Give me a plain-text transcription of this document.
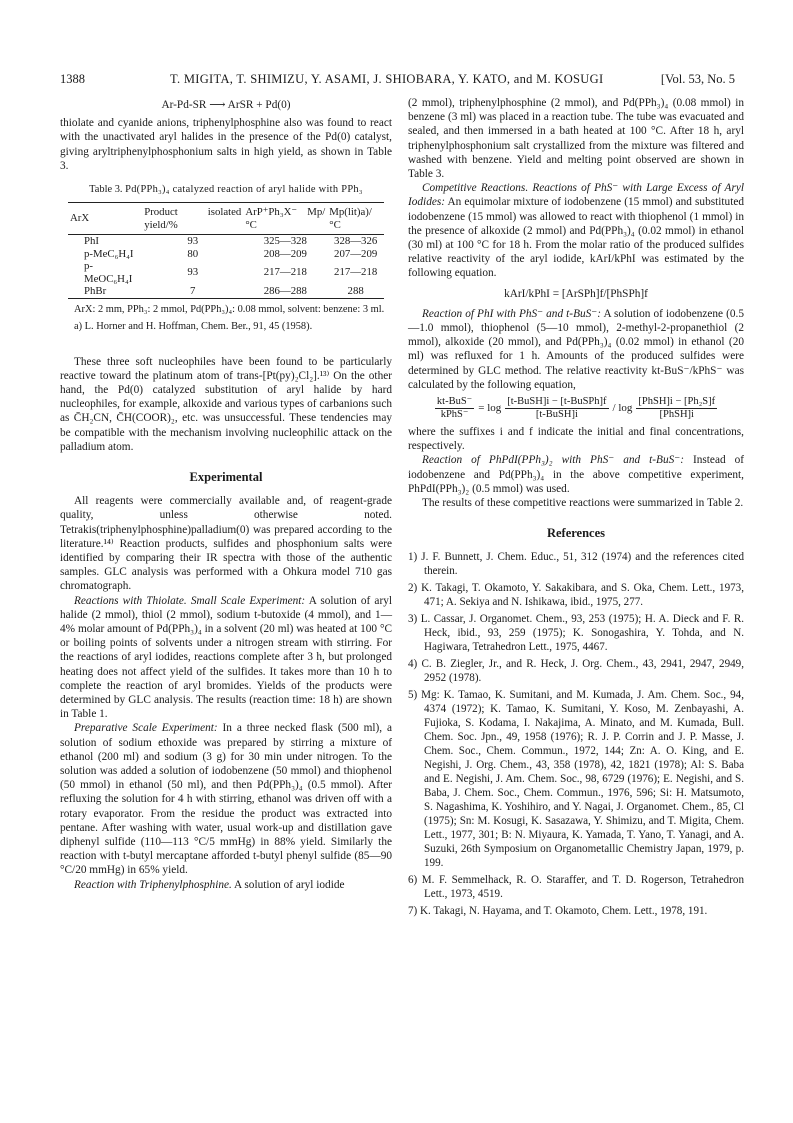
1388	T. MIGITA, T. SHIMIZU, Y. ASAMI, J. SHIOBARA, Y. KATO, and M. KOSUGI	[Vol. 53, No. 5

Ar-Pd-SR ⟶ ArSR + Pd(0)

thiolate and cyanide anions, triphenylphosphine also was found to react with the unactivated aryl halides in the presence of the Pd(0) catalyst, giving aryltriphenylphosphonium salts in high yield, as shown in Table 3.

Table 3. Pd(PPh₃)₄ catalyzed reaction of aryl halide with PPh₃
ArX	Product isolated yield/%	ArP⁺Ph₃X⁻ Mp/°C	Mp(lit)a)/°C
PhI	93	325—328	328—326
p-MeC₆H₄I	80	208—209	207—209
p-MeOC₆H₄I	93	217—218	217—218
PhBr	7	286—288	288

ArX: 2 mm, PPh₃: 2 mmol, Pd(PPh₃)₄: 0.08 mmol, solvent: benzene: 3 ml.

a) L. Horner and H. Hoffman, Chem. Ber., 91, 45 (1958).

These three soft nucleophiles have been found to be particularly reactive toward the platinum atom of trans-[Pt(py)₂Cl₂].¹³⁾ On the other hand, the Pd(0) catalyzed substitution of aryl halide by hard nucleophiles, for example, alkoxide and various types of carbanions such as C̄H₂CN, C̄H(COOR)₂, etc. was unsuccessful. These tendencies may be compatible with the mechanism involving nucleophilic attack on the palladium atom.

Experimental

All reagents were commercially available and, of reagent-grade quality, unless otherwise noted. Tetrakis(triphenylphosphine)palladium(0) was prepared according to the literature.¹⁴⁾ Reaction products, sulfides and phosphonium salts were identified by comparing their IR spectra with those of the authentic samples. GLC analysis was performed with a Ohkura model 710 gas chromatograph.

Reactions with Thiolate. Small Scale Experiment: A solution of aryl halide (2 mmol), thiol (2 mmol), sodium t-butoxide (4 mmol), and 1—4% molar amount of Pd(PPh₃)₄ in a solvent (20 ml) was heated at 100 °C or boiling points of solvents under a nitrogen stream with stirring. For the reactions of aryl iodides, reactions complete after 3 h, but prolonged heating does not affect yield of the sulfides. It takes more than 10 h to complete the reaction of aryl bromides. Yields of the products were determined by GLC analysis. The results (reaction time: 18 h) are shown in Table 1.

Preparative Scale Experiment: In a three necked flask (500 ml), a solution of sodium ethoxide was prepared by stirring a mixture of ethanol (200 ml) and sodium (3 g) for 30 min under nitrogen. To the solution was added a solution of iodobenzene (50 mmol) and thiophenol (50 mmol) in ethanol (50 ml), and then Pd(PPh₃)₄ (0.5 mmol). After refluxing the solution for 4 h with stirring, ethanol was driven off with a rotary evaporator. From the residue the product was extracted into pentane. After washing with water, usual work-up and distillation gave diphenyl sulfide (110—113 °C/5 mmHg) in 88% yield. Similarly the reaction with t-butyl mercaptane afforded t-butyl phenyl sulfide (85—90 °C/20 mmHg) in 65% yield.

Reaction with Triphenylphosphine. A solution of aryl iodide

(2 mmol), triphenylphosphine (2 mmol), and Pd(PPh₃)₄ (0.08 mmol) in benzene (3 ml) was placed in a reaction tube. The tube was evacuated and sealed, and then immersed in a bath heated at 100 °C. After 18 h, aryl triphenylphosphonium salt crystallized from the mixture was filtered and washed with benzene. Yield and melting point observed are shown in Table 3.

Competitive Reactions. Reactions of PhS⁻ with Large Excess of Aryl Iodides: An equimolar mixture of iodobenzene (15 mmol) and substituted iodobenzene (15 mmol) was allowed to react with thiophenol (1 mmol) in the presence of alkoxide (2 mmol) and Pd(PPh₃)₄ (0.02 mmol) in ethanol (30 ml) at 100 °C for 18 h. From the molar ratio of the produced sulfides relative reactivity of the aryl iodide, kArI/kPhI was estimated by the following equation.

kArI/kPhI = [ArSPh]f/[PhSPh]f

Reaction of PhI with PhS⁻ and t-BuS⁻: A solution of iodobenzene (0.5—1.0 mmol), thiophenol (5—10 mmol), 2-methyl-2-propanethiol (2 mmol), alkoxide (20 mmol), and Pd(PPh₃)₄ (0.02 mmol) in ethanol (20 ml) was refluxed for 1 h. Amounts of the produced sulfides were determined by GLC method. The relative reactivity kt-BuS⁻/kPhS⁻ was calculated by the following equation,

$\frac{\text{kt-BuS⁻}}{\text{kPhS⁻}} = \log \frac{\text{[t-BuSH]i − [t-BuSPh]f}}{\text{[t-BuSH]i}} / \log \frac{\text{[PhSH]i − [Ph₂S]f}}{\text{[PhSH]i}}$

where the suffixes i and f indicate the initial and final concentrations, respectively.

Reaction of PhPdI(PPh₃)₂ with PhS⁻ and t-BuS⁻: Instead of iodobenzene and Pd(PPh₃)₄ in the above competitive experiment, PhPdI(PPh₃)₂ (0.5 mmol) was used.

The results of these competitive reactions were summarized in Table 2.

References

1) J. F. Bunnett, J. Chem. Educ., 51, 312 (1974) and the references cited therein.

2) K. Takagi, T. Okamoto, Y. Sakakibara, and S. Oka, Chem. Lett., 1973, 471; A. Sekiya and N. Ishikawa, ibid., 1975, 277.

3) L. Cassar, J. Organomet. Chem., 93, 253 (1975); H. A. Dieck and F. R. Heck, ibid., 93, 259 (1975); K. Sonogashira, Y. Tohda, and N. Hagiwara, Tetrahedron Lett., 1975, 4467.

4) C. B. Ziegler, Jr., and R. Heck, J. Org. Chem., 43, 2941, 2947, 2949, 2952 (1978).

5) Mg: K. Tamao, K. Sumitani, and M. Kumada, J. Am. Chem. Soc., 94, 4374 (1972); K. Tamao, K. Sumitani, Y. Koso, M. Zenbayashi, A. Fujioka, S. Kodama, I. Nakajima, A. Minato, and M. Kumada, Bull. Chem. Soc. Jpn., 49, 1958 (1976); R. J. P. Corrin and J. P. Masse, J. Chem. Soc., Chem. Commun., 1972, 144; Zn: A. O. King, and E. Negishi, J. Org. Chem., 43, 358 (1978), 42, 1821 (1978); Al: S. Baba and E. Negishi, J. Am. Chem. Soc., 98, 6729 (1976); E. Negishi, and S. Baba, J. Chem. Soc., Chem. Commun., 1976, 596; Si: H. Matsumoto, S. Nagashima, K. Yoshihiro, and Y. Nagai, J. Organomet. Chem., 85, Cl (1975); Sn: M. Kosugi, K. Sasazawa, Y. Shimizu, and T. Migita, Chem. Lett., 1977, 301; B: N. Miyaura, K. Yamada, T. Yano, T. Yanagi, and A. Suzuki, 26th Symposium on Organometallic Chemistry Japan, 1979, p. 199.

6) M. F. Semmelhack, R. O. Staraffer, and T. D. Rogerson, Tetrahedron Lett., 1973, 4519.

7) K. Takagi, N. Hayama, and T. Okamoto, Chem. Lett., 1978, 191.
